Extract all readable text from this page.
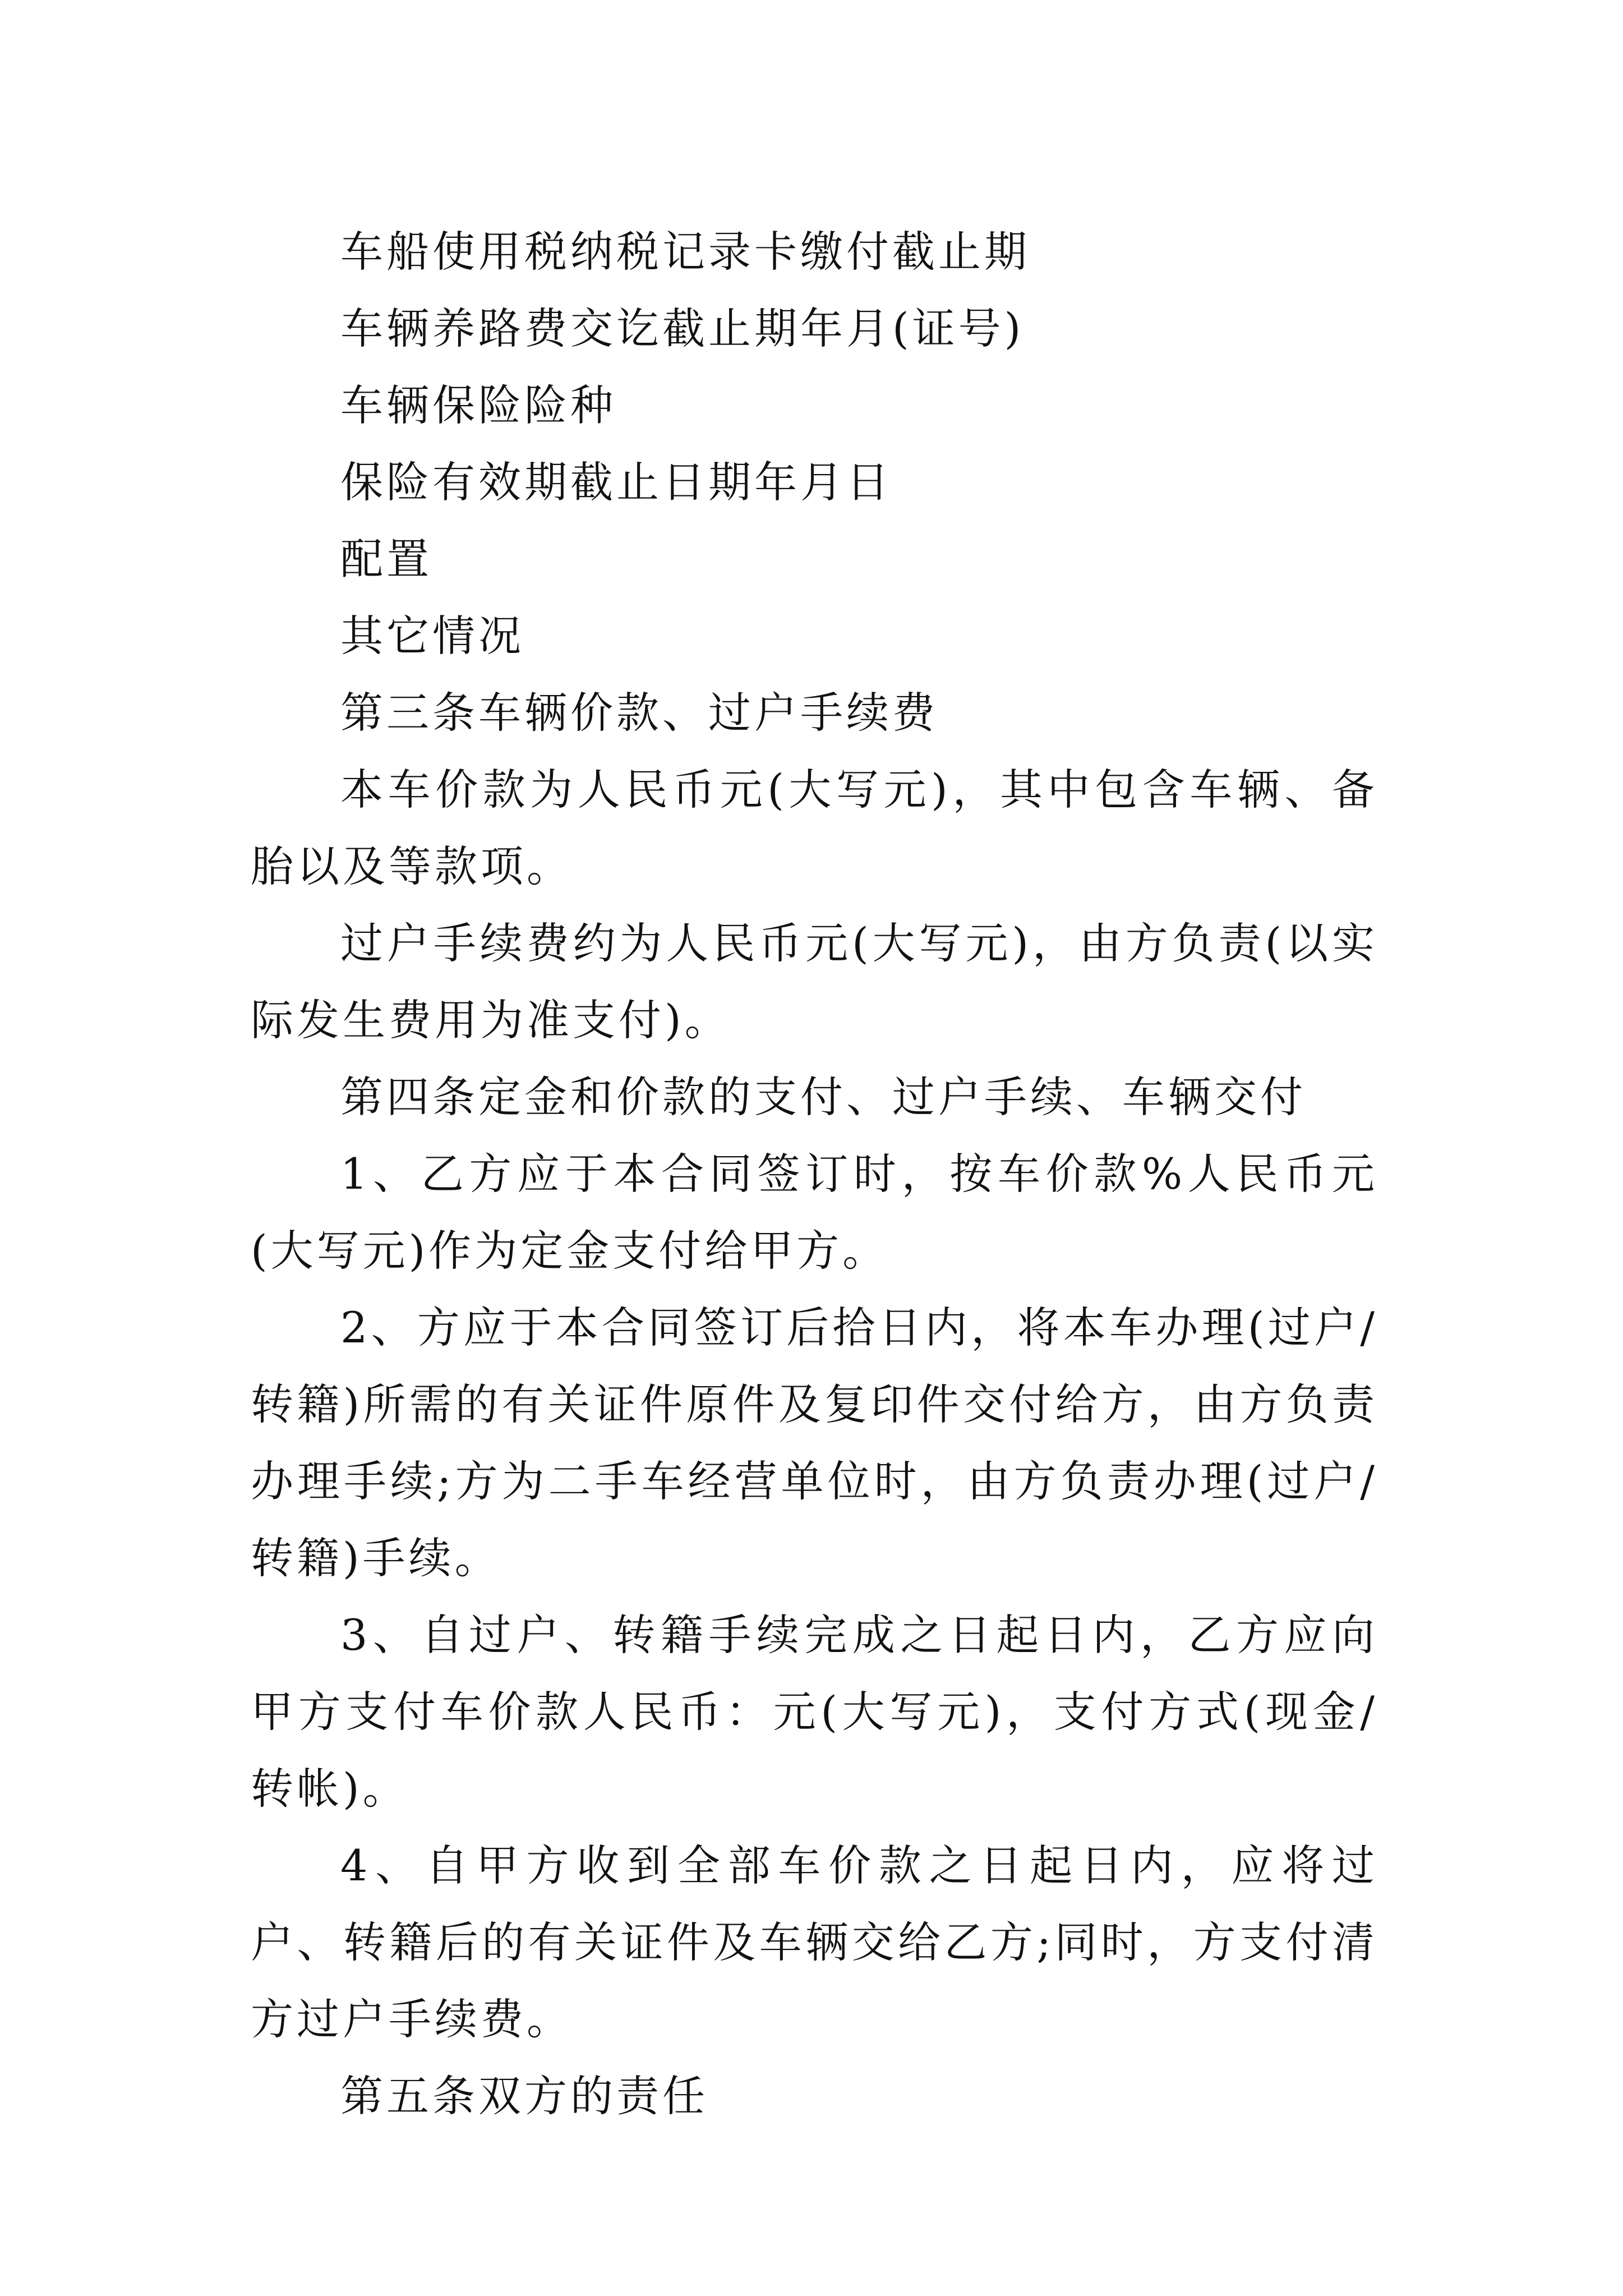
车船使用税纳税记录卡缴付截止期

车辆养路费交讫截止期年月(证号)

车辆保险险种

保险有效期截止日期年月日

配置

其它情况

第三条车辆价款、过户手续费

本车价款为人民币元(大写元)，其中包含车辆、备胎以及等款项。

过户手续费约为人民币元(大写元)，由方负责(以实际发生费用为准支付)。

第四条定金和价款的支付、过户手续、车辆交付

1、乙方应于本合同签订时，按车价款%人民币元(大写元)作为定金支付给甲方。

2、方应于本合同签订后拾日内，将本车办理(过户/转籍)所需的有关证件原件及复印件交付给方，由方负责办理手续;方为二手车经营单位时，由方负责办理(过户/转籍)手续。

3、自过户、转籍手续完成之日起日内，乙方应向甲方支付车价款人民币：元(大写元)，支付方式(现金/转帐)。

4、自甲方收到全部车价款之日起日内，应将过户、转籍后的有关证件及车辆交给乙方;同时，方支付清方过户手续费。

第五条双方的责任
